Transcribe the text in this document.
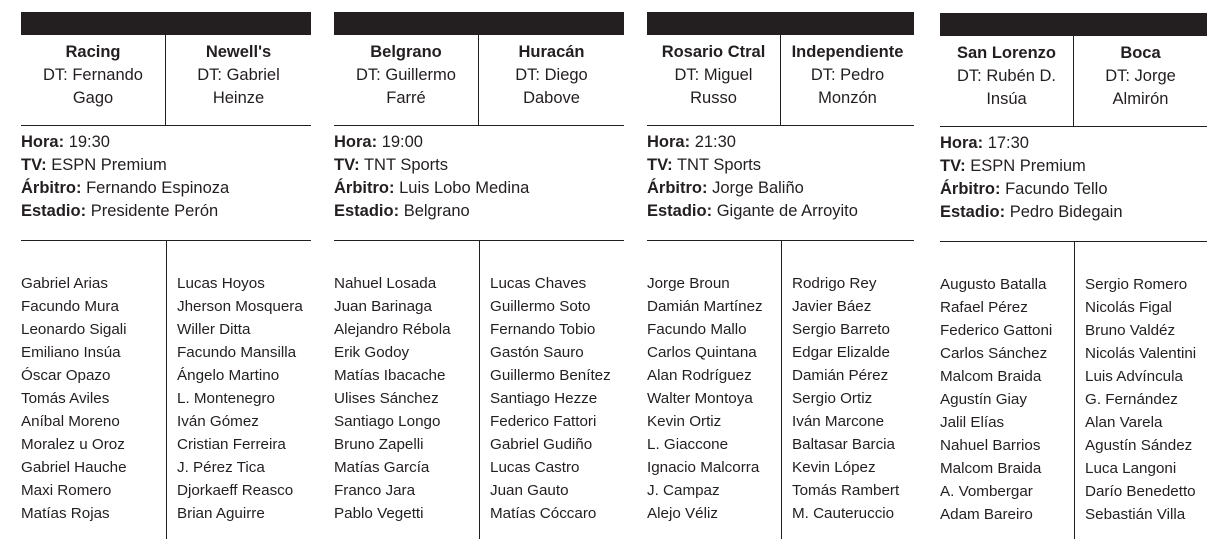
Racing
DT: Fernando
Gago
Newell's
DT: Gabriel
Heinze
Hora: 19:30
TV: ESPN Premium
Árbitro: Fernando Espinoza
Estadio: Presidente Perón
Gabriel Arias
Facundo Mura
Leonardo Sigali
Emiliano Insúa
Óscar Opazo
Tomás Aviles
Aníbal Moreno
Moralez u Oroz
Gabriel Hauche
Maxi Romero
Matías Rojas
Lucas Hoyos
Jherson Mosquera
Willer Ditta
Facundo Mansilla
Ángelo Martino
L. Montenegro
Iván Gómez
Cristian Ferreira
J. Pérez Tica
Djorkaeff Reasco
Brian Aguirre
Belgrano
DT: Guillermo
Farré
Huracán
DT: Diego
Dabove
Hora: 19:00
TV: TNT Sports
Árbitro: Luis Lobo Medina
Estadio: Belgrano
Nahuel Losada
Juan Barinaga
Alejandro Rébola
Erik Godoy
Matías Ibacache
Ulises Sánchez
Santiago Longo
Bruno Zapelli
Matías García
Franco Jara
Pablo Vegetti
Lucas Chaves
Guillermo Soto
Fernando Tobio
Gastón Sauro
Guillermo Benítez
Santiago Hezze
Federico Fattori
Gabriel Gudiño
Lucas Castro
Juan Gauto
Matías Cóccaro
Rosario Ctral
DT: Miguel
Russo
Independiente
DT: Pedro
Monzón
Hora: 21:30
TV: TNT Sports
Árbitro: Jorge Baliño
Estadio: Gigante de Arroyito
Jorge Broun
Damián Martínez
Facundo Mallo
Carlos Quintana
Alan Rodríguez
Walter Montoya
Kevin Ortiz
L. Giaccone
Ignacio Malcorra
J. Campaz
Alejo Véliz
Rodrigo Rey
Javier Báez
Sergio Barreto
Edgar Elizalde
Damián Pérez
Sergio Ortiz
Iván Marcone
Baltasar Barcia
Kevin López
Tomás Rambert
M. Cauteruccio
San Lorenzo
DT: Rubén D.
Insúa
Boca
DT: Jorge
Almirón
Hora: 17:30
TV: ESPN Premium
Árbitro: Facundo Tello
Estadio: Pedro Bidegain
Augusto Batalla
Rafael Pérez
Federico Gattoni
Carlos Sánchez
Malcom Braida
Agustín Giay
Jalil Elías
Nahuel Barrios
Malcom Braida
A. Vombergar
Adam Bareiro
Sergio Romero
Nicolás Figal
Bruno Valdéz
Nicolás Valentini
Luis Advíncula
G. Fernández
Alan Varela
Agustín Sández
Luca Langoni
Darío Benedetto
Sebastián Villa
